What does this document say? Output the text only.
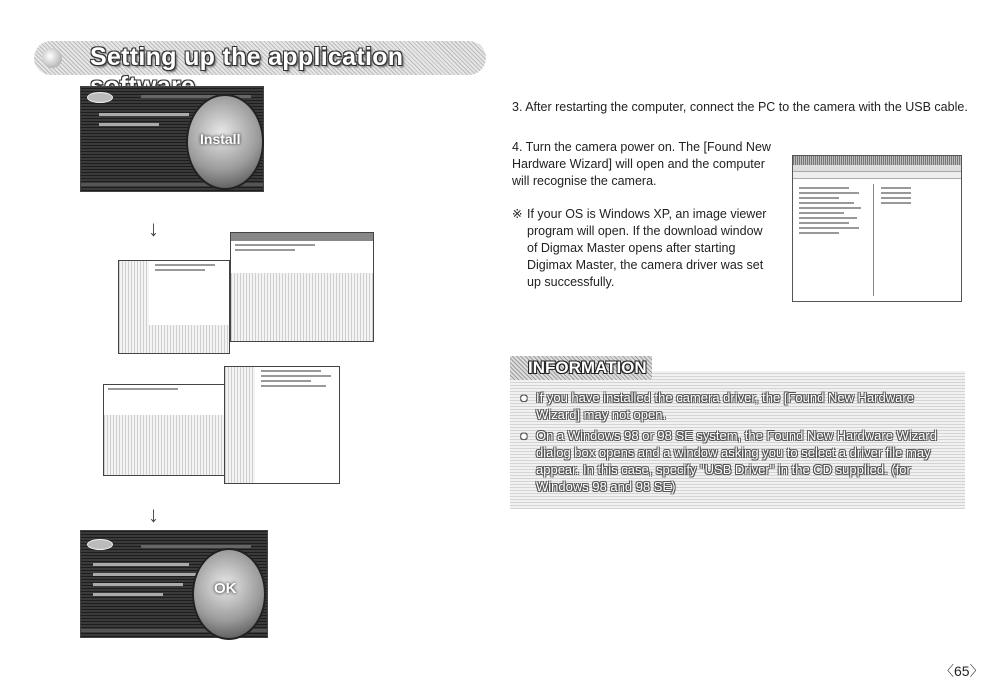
Setting up the application
Install
↓
↓
OK

3. After restarting the computer, connect the PC to the camera with the USB cable.

4. Turn the camera power on. The [Found New Hardware Wizard] will open and the computer will recognise the camera.

※ If your OS is Windows XP, an image viewer program will open. If the download window of Digmax Master opens after starting Digimax Master, the camera driver was set up successfully.
● If you have installed the camera driver, the [Found New Hardware Wizard] may not open.
● On a Windows 98 or 98 SE system, the Found New Hardware Wizard dialog box opens and a window asking you to select a driver file may appear. In this case, specify "USB Driver" in the CD supplied. (for Windows 98 and 98 SE)
INFORMATION
〈65〉
